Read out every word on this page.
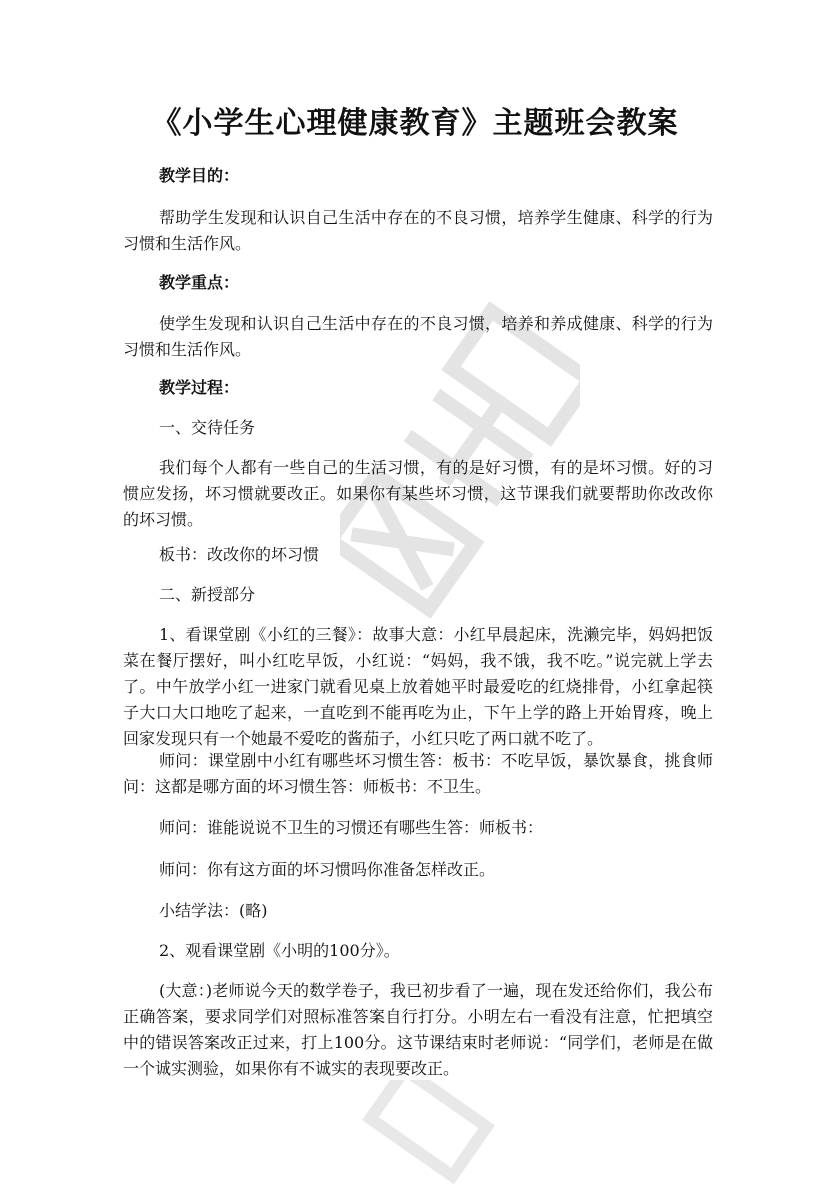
《小学生心理健康教育》主题班会教案

教学目的：

帮助学生发现和认识自己生活中存在的不良习惯，培养学生健康、科学的行为习惯和生活作风。

教学重点：

使学生发现和认识自己生活中存在的不良习惯，培养和养成健康、科学的行为习惯和生活作风。

教学过程：

一、交待任务

我们每个人都有一些自己的生活习惯，有的是好习惯，有的是坏习惯。好的习惯应发扬，坏习惯就要改正。如果你有某些坏习惯，这节课我们就要帮助你改改你的坏习惯。

板书：改改你的坏习惯

二、新授部分

1、看课堂剧《小红的三餐》：故事大意：小红早晨起床，洗濑完毕，妈妈把饭菜在餐厅摆好，叫小红吃早饭，小红说：“妈妈，我不饿，我不吃。”说完就上学去了。中午放学小红一进家门就看见桌上放着她平时最爱吃的红烧排骨，小红拿起筷子大口大口地吃了起来，一直吃到不能再吃为止，下午上学的路上开始胃疼，晚上回家发现只有一个她最不爱吃的酱茄子，小红只吃了两口就不吃了。

师问：课堂剧中小红有哪些坏习惯生答：板书：不吃早饭，暴饮暴食，挑食师问：这都是哪方面的坏习惯生答：师板书：不卫生。

师问：谁能说说不卫生的习惯还有哪些生答：师板书：

师问：你有这方面的坏习惯吗你准备怎样改正。

小结学法：(略)

2、观看课堂剧《小明的100分》。

(大意：)老师说今天的数学卷子，我已初步看了一遍，现在发还给你们，我公布正确答案，要求同学们对照标准答案自行打分。小明左右一看没有注意，忙把填空中的错误答案改正过来，打上100分。这节课结束时老师说：“同学们，老师是在做一个诚实测验，如果你有不诚实的表现要改正。

觅
